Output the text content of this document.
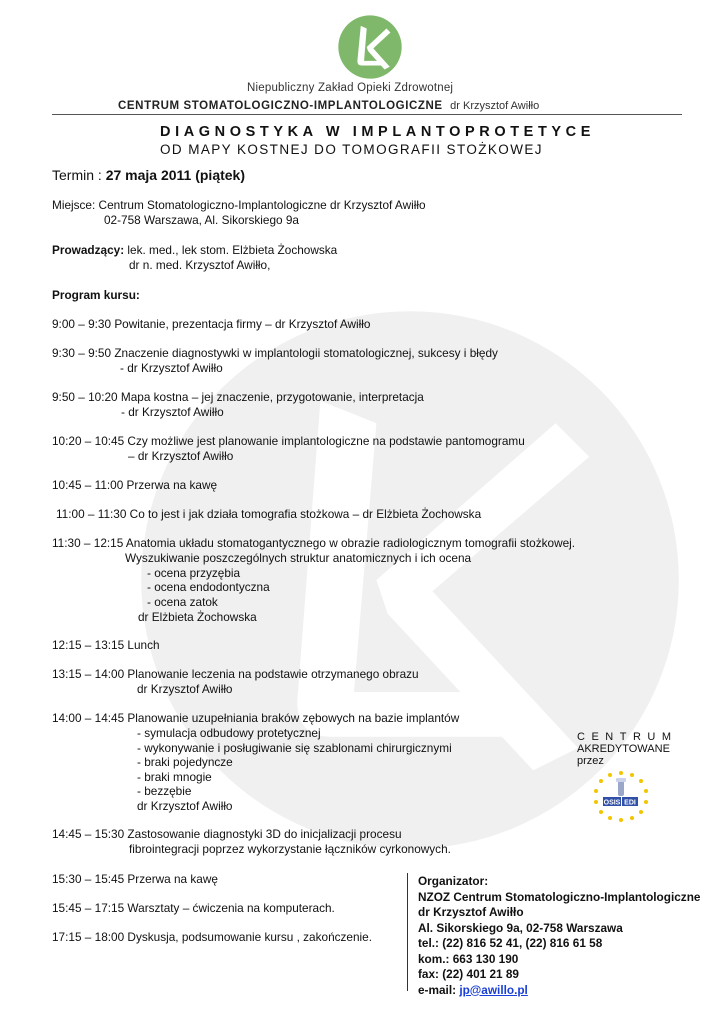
Niepubliczny Zakład Opieki Zdrowotnej
CENTRUM STOMATOLOGICZNO-IMPLANTOLOGICZNE dr Krzysztof Awiłło
DIAGNOSTYKA W IMPLANTOPROTETYCE
OD MAPY KOSTNEJ DO TOMOGRAFII STOŻKOWEJ
Termin : 27 maja 2011 (piątek)
Miejsce: Centrum Stomatologiczno-Implantologiczne dr Krzysztof Awiłło
02-758 Warszawa, Al. Sikorskiego 9a
Prowadzący: lek. med., lek stom. Elżbieta Żochowska
dr n. med. Krzysztof Awiłło,
Program kursu:
9:00 – 9:30 Powitanie, prezentacja firmy – dr Krzysztof Awiłło
9:30 – 9:50 Znaczenie diagnostywki w implantologii stomatologicznej, sukcesy i błędy
- dr Krzysztof Awiłło
9:50 – 10:20 Mapa kostna – jej znaczenie, przygotowanie, interpretacja
- dr Krzysztof Awiłło
10:20 – 10:45 Czy możliwe jest planowanie implantologiczne na podstawie pantomogramu
– dr Krzysztof Awiłło
10:45 – 11:00 Przerwa na kawę
11:00 – 11:30 Co to jest i jak działa tomografia stożkowa – dr Elżbieta Żochowska
11:30 – 12:15 Anatomia układu stomatogantycznego w obrazie radiologicznym tomografii stożkowej.
Wyszukiwanie poszczególnych struktur anatomicznych i ich ocena
- ocena przyzębia
- ocena endodontyczna
- ocena zatok
dr Elżbieta Żochowska
12:15 – 13:15 Lunch
13:15 – 14:00 Planowanie leczenia na podstawie otrzymanego obrazu
dr Krzysztof Awiłło
14:00 – 14:45 Planowanie uzupełniania braków zębowych na bazie implantów
- symulacja odbudowy protetycznej
- wykonywanie i posługiwanie się szablonami chirurgicznymi
- braki pojedyncze
- braki mnogie
- bezzębie
dr Krzysztof Awiłło
14:45 – 15:30 Zastosowanie diagnostyki 3D do inicjalizacji procesu
fibrointegracji poprzez wykorzystanie łączników cyrkonowych.
15:30 – 15:45 Przerwa na kawę
15:45 – 17:15 Warsztaty – ćwiczenia na komputerach.
17:15 – 18:00 Dyskusja, podsumowanie kursu , zakończenie.
CENTRUM
AKREDYTOWANE
przez
OSIS EDI
Organizator:
NZOZ Centrum Stomatologiczno-Implantologiczne
dr Krzysztof Awiłło
Al. Sikorskiego 9a, 02-758 Warszawa
tel.: (22) 816 52 41, (22) 816 61 58
kom.: 663 130 190
fax: (22) 401 21 89
e-mail: jp@awillo.pl
